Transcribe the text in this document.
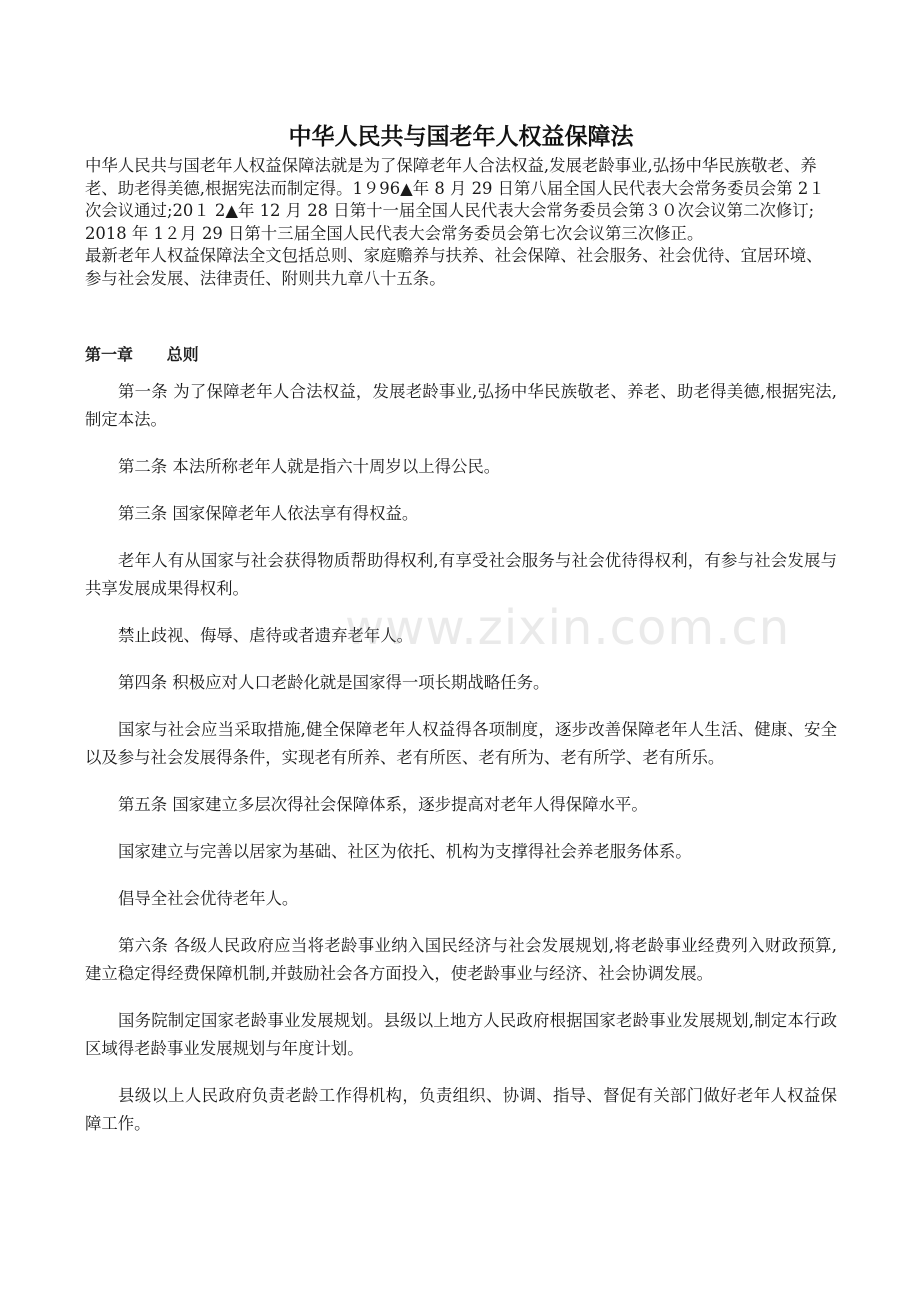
中华人民共与国老年人权益保障法

中华人民共与国老年人权益保障法就是为了保障老年人合法权益,发展老龄事业,弘扬中华民族敬老、养老、助老得美德,根据宪法而制定得。1９96▲年 8 月 29 日第八届全国人民代表大会常务委员会第 2１次会议通过;20１ 2▲年 12 月 28 日第十一届全国人民代表大会常务委员会第３０次会议第二次修订;

2018 年 1２月 29 日第十三届全国人民代表大会常务委员会第七次会议第三次修正。

最新老年人权益保障法全文包括总则、家庭赡养与扶养、社会保障、社会服务、社会优待、宜居环境、参与社会发展、法律责任、附则共九章八十五条。

第一章 总则

第一条 为了保障老年人合法权益，发展老龄事业,弘扬中华民族敬老、养老、助老得美德,根据宪法,制定本法。

第二条 本法所称老年人就是指六十周岁以上得公民。

第三条 国家保障老年人依法享有得权益。

老年人有从国家与社会获得物质帮助得权利,有享受社会服务与社会优待得权利，有参与社会发展与共享发展成果得权利。

禁止歧视、侮辱、虐待或者遗弃老年人。

第四条 积极应对人口老龄化就是国家得一项长期战略任务。

国家与社会应当采取措施,健全保障老年人权益得各项制度，逐步改善保障老年人生活、健康、安全以及参与社会发展得条件，实现老有所养、老有所医、老有所为、老有所学、老有所乐。

第五条 国家建立多层次得社会保障体系，逐步提高对老年人得保障水平。

国家建立与完善以居家为基础、社区为依托、机构为支撑得社会养老服务体系。

倡导全社会优待老年人。

第六条 各级人民政府应当将老龄事业纳入国民经济与社会发展规划,将老龄事业经费列入财政预算,建立稳定得经费保障机制,并鼓励社会各方面投入，使老龄事业与经济、社会协调发展。

国务院制定国家老龄事业发展规划。县级以上地方人民政府根据国家老龄事业发展规划,制定本行政区域得老龄事业发展规划与年度计划。

县级以上人民政府负责老龄工作得机构，负责组织、协调、指导、督促有关部门做好老年人权益保障工作。

www.zixin.com.cn
